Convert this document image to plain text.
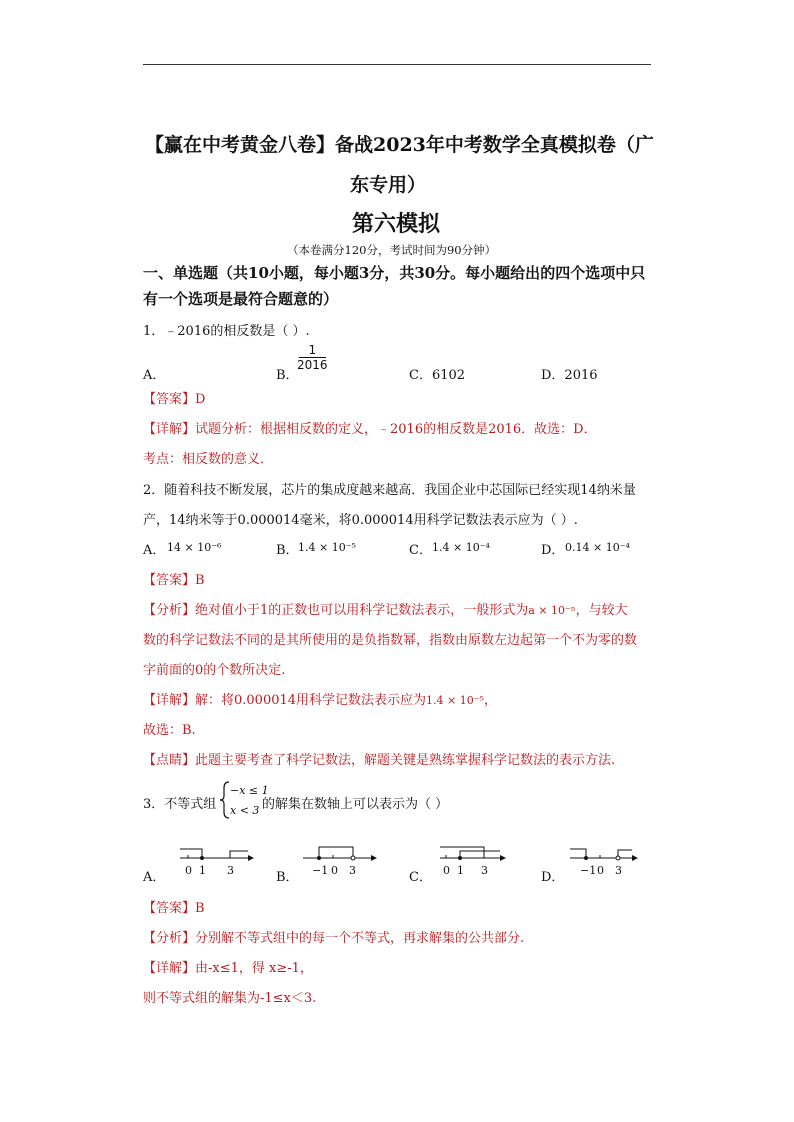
【赢在中考黄金八卷】备战2023年中考数学全真模拟卷（广
东专用）
第六模拟
（本卷满分120分，考试时间为90分钟）
一、单选题（共10小题，每小题3分，共30分。每小题给出的四个选项中只
有一个选项是最符合题意的）
1．﹣2016的相反数是（ ）.
A．	B．
1
2016
C．6102	D．2016
【答案】D
【详解】试题分析：根据相反数的定义，﹣2016的相反数是2016．故选：D．
考点：相反数的意义．
2．随着科技不断发展，芯片的集成度越来越高．我国企业中芯国际已经实现14纳米量
产，14纳米等于0.000014毫米，将0.000014用科学记数法表示应为（ ）.
A． 14 × 10⁻⁶	B． 1.4 × 10⁻⁵	C． 1.4 × 10⁻⁴	D． 0.14 × 10⁻⁴
【答案】B
【分析】绝对值小于1的正数也可以用科学记数法表示，一般形式为a × 10⁻ⁿ，与较大
数的科学记数法不同的是其所使用的是负指数幂，指数由原数左边起第一个不为零的数
字前面的0的个数所决定.
【详解】解：将0.000014用科学记数法表示应为1.4 × 10⁻⁵，
故选：B.
【点睛】此题主要考查了科学记数法，解题关键是熟练掌握科学记数法的表示方法.
3．不等式组
−x ≤ 1
x < 3 的解集在数轴上可以表示为（ ）
A． 0 1 3	B． −1 0 3	C． 0 1 3	D． −1 0 3
【答案】B
【分析】分别解不等式组中的每一个不等式，再求解集的公共部分.
【详解】由-x≤1，得 x≥-1，
则不等式组的解集为-1≤x＜3.
